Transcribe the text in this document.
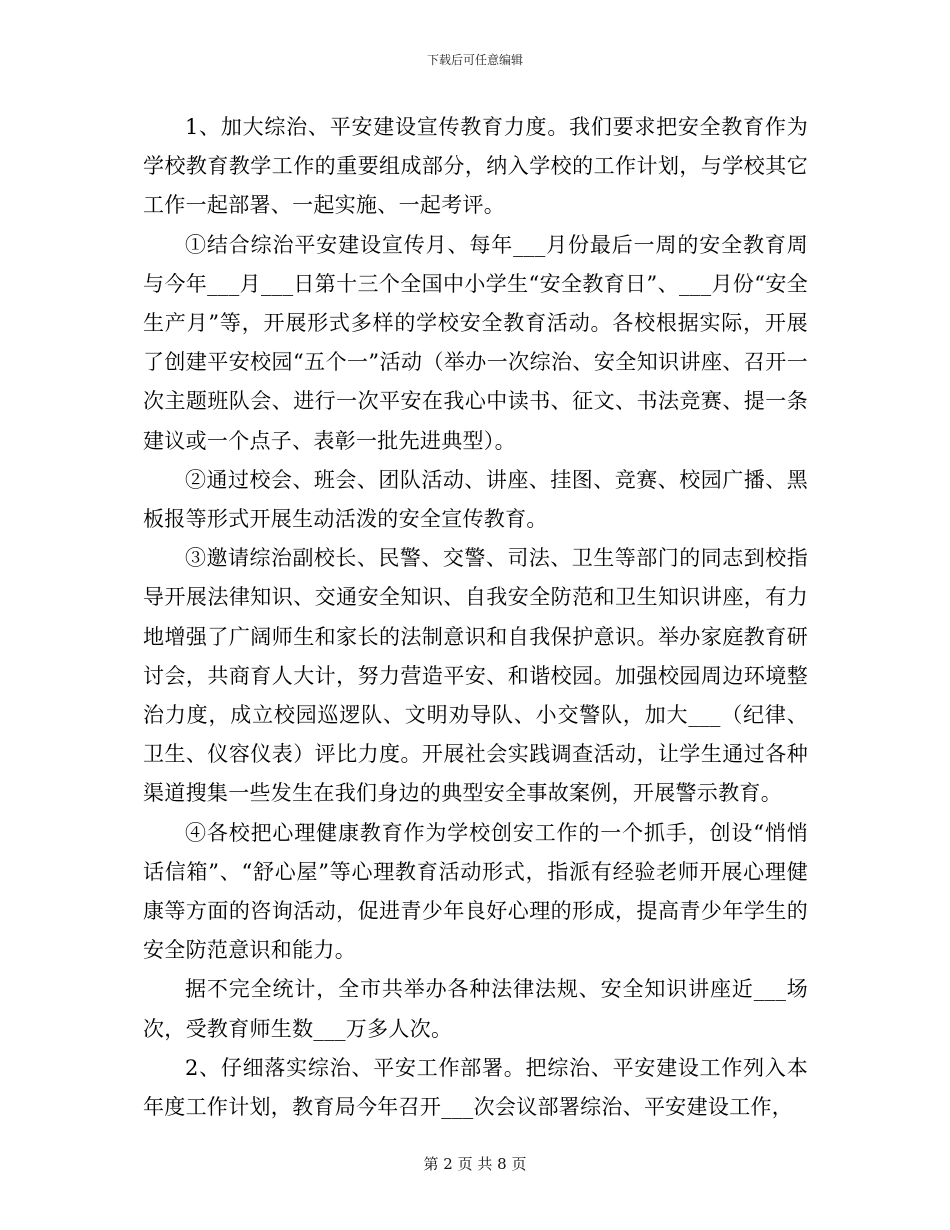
下载后可任意编辑

1、加大综治、平安建设宣传教育力度。我们要求把安全教育作为学校教育教学工作的重要组成部分，纳入学校的工作计划，与学校其它工作一起部署、一起实施、一起考评。

①结合综治平安建设宣传月、每年___月份最后一周的安全教育周与今年___月___日第十三个全国中小学生“安全教育日”、___月份“安全生产月”等，开展形式多样的学校安全教育活动。各校根据实际，开展了创建平安校园“五个一”活动（举办一次综治、安全知识讲座、召开一次主题班队会、进行一次平安在我心中读书、征文、书法竞赛、提一条建议或一个点子、表彰一批先进典型）。

②通过校会、班会、团队活动、讲座、挂图、竞赛、校园广播、黑板报等形式开展生动活泼的安全宣传教育。

③邀请综治副校长、民警、交警、司法、卫生等部门的同志到校指导开展法律知识、交通安全知识、自我安全防范和卫生知识讲座，有力地增强了广阔师生和家长的法制意识和自我保护意识。举办家庭教育研讨会，共商育人大计，努力营造平安、和谐校园。加强校园周边环境整治力度，成立校园巡逻队、文明劝导队、小交警队，加大___（纪律、卫生、仪容仪表）评比力度。开展社会实践调查活动，让学生通过各种渠道搜集一些发生在我们身边的典型安全事故案例，开展警示教育。

④各校把心理健康教育作为学校创安工作的一个抓手，创设“悄悄话信箱”、“舒心屋”等心理教育活动形式，指派有经验老师开展心理健康等方面的咨询活动，促进青少年良好心理的形成，提高青少年学生的安全防范意识和能力。

据不完全统计，全市共举办各种法律法规、安全知识讲座近___场次，受教育师生数___万多人次。

2、仔细落实综治、平安工作部署。把综治、平安建设工作列入本年度工作计划，教育局今年召开___次会议部署综治、平安建设工作，

第 2 页 共 8 页
